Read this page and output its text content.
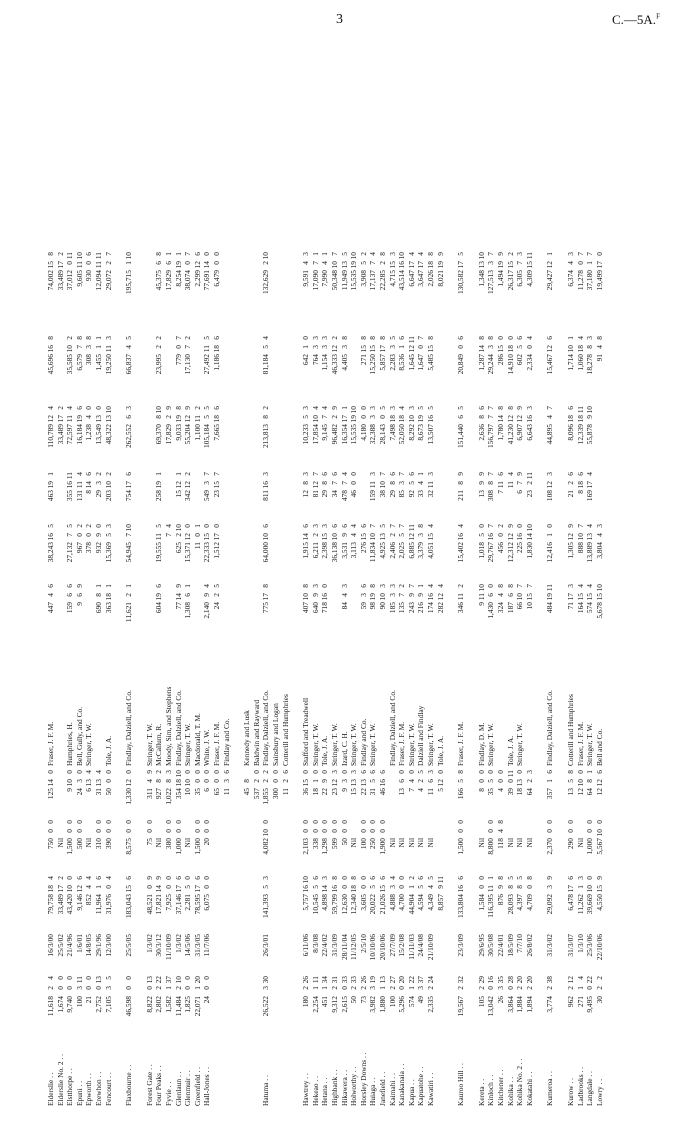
3	C.—5A.$^F$
Elderslie . .
11,618
2
4
16/3/00
79,758
18
4
750
0
0
125
14
0
Fraser, J. F. M.
447
4
6
38,243
16
5
463
19
1
110,789
12
4
45,696
16
8
74,002
15
8
Elderslie No. 2 . .
1,674
0
0
25/5/02
33,489
17
2
Nil
33,489
17
2
33,489
17
2
Elstthorpe . .
9,740
0
0
21/4/96
43,420
10
0
1,500
0
0
9
10
0
Humphries, H.
159
6
6
27,132
7
5
355
16
11
72,597
11
4
35,585
10
2
37,012
0
11
Epuni . .
100
3
11
1/6/01
9,146
12
6
500
0
0
24
3
0
Bell, Gully, and Co.
9
6
9
967
0
2
131
11
4
16,184
19
6
6,579
7
8
9,605
11
10
Epworth . .
21
0
0
14/8/05
852
4
4
Nil
6
13
4
Stringer, T. W.
378
0
2
8
14
6
1,238
4
0
308
3
8
930
0
6
Erewhon . .
2,752
0
13
29/1/96
11,964
1
6
310
0
0
31
13
4
690
8
1
932
9
0
29
3
2
13,549
13
0
1,455
1
1
12,094
11
11
Fencourt . .
7,105
3
5
12/3/00
31,976
0
4
390
0
0
50
0
0
Tole, J. A.
363
18
1
15,369
5
3
203
10
2
48,322
13
10
19,250
11
3
29,072
2
7
Flaxbourne . .
46,598
0
0
25/5/05
183,043
15
6
8,575
0
0
1,330
12
0
Findlay, Dalziell, and Co.
11,621
2
1
54,945
7
10
754
17
6
262,552
6
3
66,837
4
5
195,715
1
10
Forest Gate . .
8,822
0
13
1/3/02
48,521
0
9
75
0
0
311
4
9
Stringer, T. W.
Four Peaks . .
2,802
2
22
30/3/12
17,821
14
9
Nil
927
8
2
McCallum, R.
604
19
6
19,555
11
5
258
19
1
69,370
8
10
23,995
2
2
45,375
6
8
Fyvie . .
1,582
1
37
11/10/09
7,925
0
0
380
0
0
1,022
8
3
Moody, Sim, and Stephens
7
4
17,829
2
9
17,829
6
1
Glenlaun . .
11,484
2
10
1/3/02
37,146
17
6
1,000
0
0
354
18
10
Findlay, Dalziell, and Co.
77
14
9
625
2
10
15
12
1
9,033
19
8
779
0
7
8,254
19
1
Glenmuir . .
1,825
0
0
14/5/06
2,281
5
0
Nil
10
10
0
Stringer, T. W.
1,308
6
1
15,371
12
0
342
12
2
55,204
12
9
17,130
7
2
38,074
0
7
Greenfield . .
22,071
1
20
31/3/05
78,595
17
6
1,500
0
0
35
0
0
Macdonald, T. M.
11
0
1
1,100
11
2
2,299
12
6
Hall-Jones . .
24
0
0
11/7/06
6,075
0
0
20
0
0
6
0
0
White, J. W.
2,140
9
4
22,333
15
0
549
3
7
105,184
5
5
27,492
11
5
77,691
14
0
65
0
0
Fraser, J. F. M.
24
2
5
1,512
17
0
23
15
7
7,665
18
6
1,186
18
6
6,479
0
0
11
3
6
Findlay and Co.
45
8
Kennedy and Lusk
537
2
0
Baldwin and Rayward
Hatuma . .
26,522
3
30
26/3/01
141,393
5
3
4,082
10
0
1,855
2
2
Findlay, Dalziell, and Co.
775
17
8
64,000
10
6
811
16
3
213,813
8
2
81,184
5
4
132,629
2
10
300
0
0
Sainsbury and Logan
11
2
6
Cotterill and Humphries
Hawtrey . .
180
2
26
6/11/06
5,757
16
10
2,103
0
0
36
15
0
Stafford and Treadwell
407
10
8
1,915
14
6
12
8
3
10,233
5
3
642
1
0
9,591
4
3
Hekeao . .
2,254
1
11
8/3/08
10,545
5
6
338
0
0
18
1
0
Stringer, T. W.
640
9
3
6,211
2
3
81
12
7
17,854
10
4
764
3
3
17,090
7
1
Hetana . .
451
1
34
22/4/02
4,898
14
3
1,298
0
0
22
9
0
Tole, J. A.
718
16
0
2,398
15
3
29
8
6
9,145
7
4
1,154
3
3
7,990
4
1
Highbank . .
9,312
2
31
31/3/09
59,799
16
8
599
0
0
23
12
3
Stringer, T. W.
36,138
10
6
34
7
6
96,482
2
9
46,333
12
2
50,348
10
7
Hikawera . .
2,615
0
33
28/11/04
12,630
0
0
50
0
0
9
3
0
Izard, C. H.
84
4
3
3,531
9
6
478
7
4
16,354
17
1
4,405
3
8
11,949
13
5
Holworthy . .
50
2
33
11/12/05
12,340
18
8
Nil
15
13
3
Stringer, T. W.
3,113
4
4
46
0
0
15,535
19
10
15,535
19
10
Horsley Downs . .
73
2
26
2/5/10
3,605
0
0
100
0
0
22
13
6
Findlay and Co.
59
3
6
276
15
6
4,180
0
0
271
15
8
3,908
5
2
Huiaga . .
3,982
3
19
10/10/06
20,022
5
6
250
0
0
31
5
6
Stringer, T. W.
98
19
8
11,834
10
7
159
11
3
32,388
3
3
15,250
15
8
17,137
7
4
Janefield . .
1,880
1
13
20/10/06
21,026
15
6
1,900
0
0
46
16
6
90
10
3
4,925
13
5
38
10
7
28,143
0
5
5,857
17
8
22,285
2
8
Kaimahi . .
100
2
27
27/7/09
4,888
3
4
Nil
Findlay, Dalziell, and Co.
185
3
3
2,406
2
7
29
8
6
7,498
18
3
2,283
3
5
4,715
15
3
Kanakanaia . .
5,296
0
20
15/2/08
4,700
0
0
Nil
13
6
0
Fraser, J. F. M.
135
7
2
2,025
5
7
85
3
7
52,050
18
4
8,536
1
6
43,514
16
10
Kapua . .
574
1
22
11/11/03
44,904
1
2
Nil
7
4
0
Stringer, T. W.
243
9
7
6,885
12
11
92
5
6
8,292
10
3
1,645
12
11
6,647
17
4
Kapuatohe . .
49
3
37
24/4/08
4,594
5
6
Nil
4
2
5
Dalziell and Findlay
216
9
1
3,379
3
8
33
4
1
8,673
19
5
1,647
0
7
3,647
17
4
Kawatiri . .
2,335
2
24
21/10/09
4,349
4
5
Nil
11
6
3
Stringer, T. W.
174
16
4
4,051
15
4
32
11
3
13,507
16
5
5,485
15
8
2,026
18
8
8,857
9
11
5
12
0
Tole, J. A.
282
12
4
8,021
19
9
Kauroo Hill . .
19,567
2
32
23/3/09
133,804
16
6
1,500
0
0
166
5
8
Fraser, J. F. M.
346
11
2
15,402
16
4
211
8
9
151,440
6
5
20,849
0
6
130,582
17
5
Kereta . .
105
2
29
29/6/95
1,584
0
0
Nil
8
0
0
Findlay, D. M.
9
11
10
1,018
5
0
13
9
9
2,636
8
6
1,287
14
8
1,348
13
10
Kinloch . .
13,042
0
16
30/5/08
116,395
11
1
8,800
0
0
35
5
0
Stringer, T. W.
1,430
6
0
29,767
16
7
308
8
7
156,797
7
7
29,244
3
8
127,513
3
7
Kitchener . .
26
3
35
22/4/01
876
9
8
118
4
8
4
0
0
324
4
8
456
0
2
7
11
6
1,780
14
8
286
15
0
1,494
19
9
Kohika . .
3,864
0
28
18/5/09
28,093
8
5
Nil
39
0
11
Tole, J. A.
187
6
8
12,312
12
9
11
4
41,230
12
8
14,910
18
0
26,317
15
2
Kohika No. 2 . .
1,884
2
20
7/7/10
4,397
8
5
Nil
18
13
0
Stringer, T. W.
66
10
7
225
16
0
6
7
9
6,907
12
9
602
5
6
6,305
7
3
Kokatahi . .
1,894
2
20
26/8/02
4,709
0
8
Nil
64
2
3
10
15
7
1,830
14
10
23
2
11
6,643
16
3
2,334
0
4
4,309
15
11
Kumeroa . .
3,774
2
38
31/3/02
29,092
3
9
2,370
0
0
357
1
6
Findlay, Dalziell, and Co.
484
19
11
12,416
1
0
108
12
3
44,895
4
7
15,467
12
6
29,427
12
1
Kurow . .
962
2
12
31/3/07
6,478
17
6
290
0
0
13
5
8
Cotterill and Humphries
71
17
3
1,305
12
9
21
2
6
8,096
18
6
1,714
10
1
6,374
4
3
Ladbrooks . .
271
1
4
1/3/10
11,262
1
3
Nil
12
10
0
Fraser, J. F. M.
164
15
4
888
10
7
8
18
6
12,339
18
11
1,060
18
4
11,278
0
7
Langdale . .
9,495
0
22
25/3/06
39,669
10
0
1,000
0
0
64
8
1
Stringer, T. W.
574
15
4
13,889
13
4
169
17
4
55,878
9
10
18,278
8
3
37,180
1
7
Lowry . .
30
2
2
22/10/06
4,550
15
9
5,567
10
0
12
12
6
Bell and Co.
5,678
15
10
3,804
4
3
91
4
8
19,499
17
0
